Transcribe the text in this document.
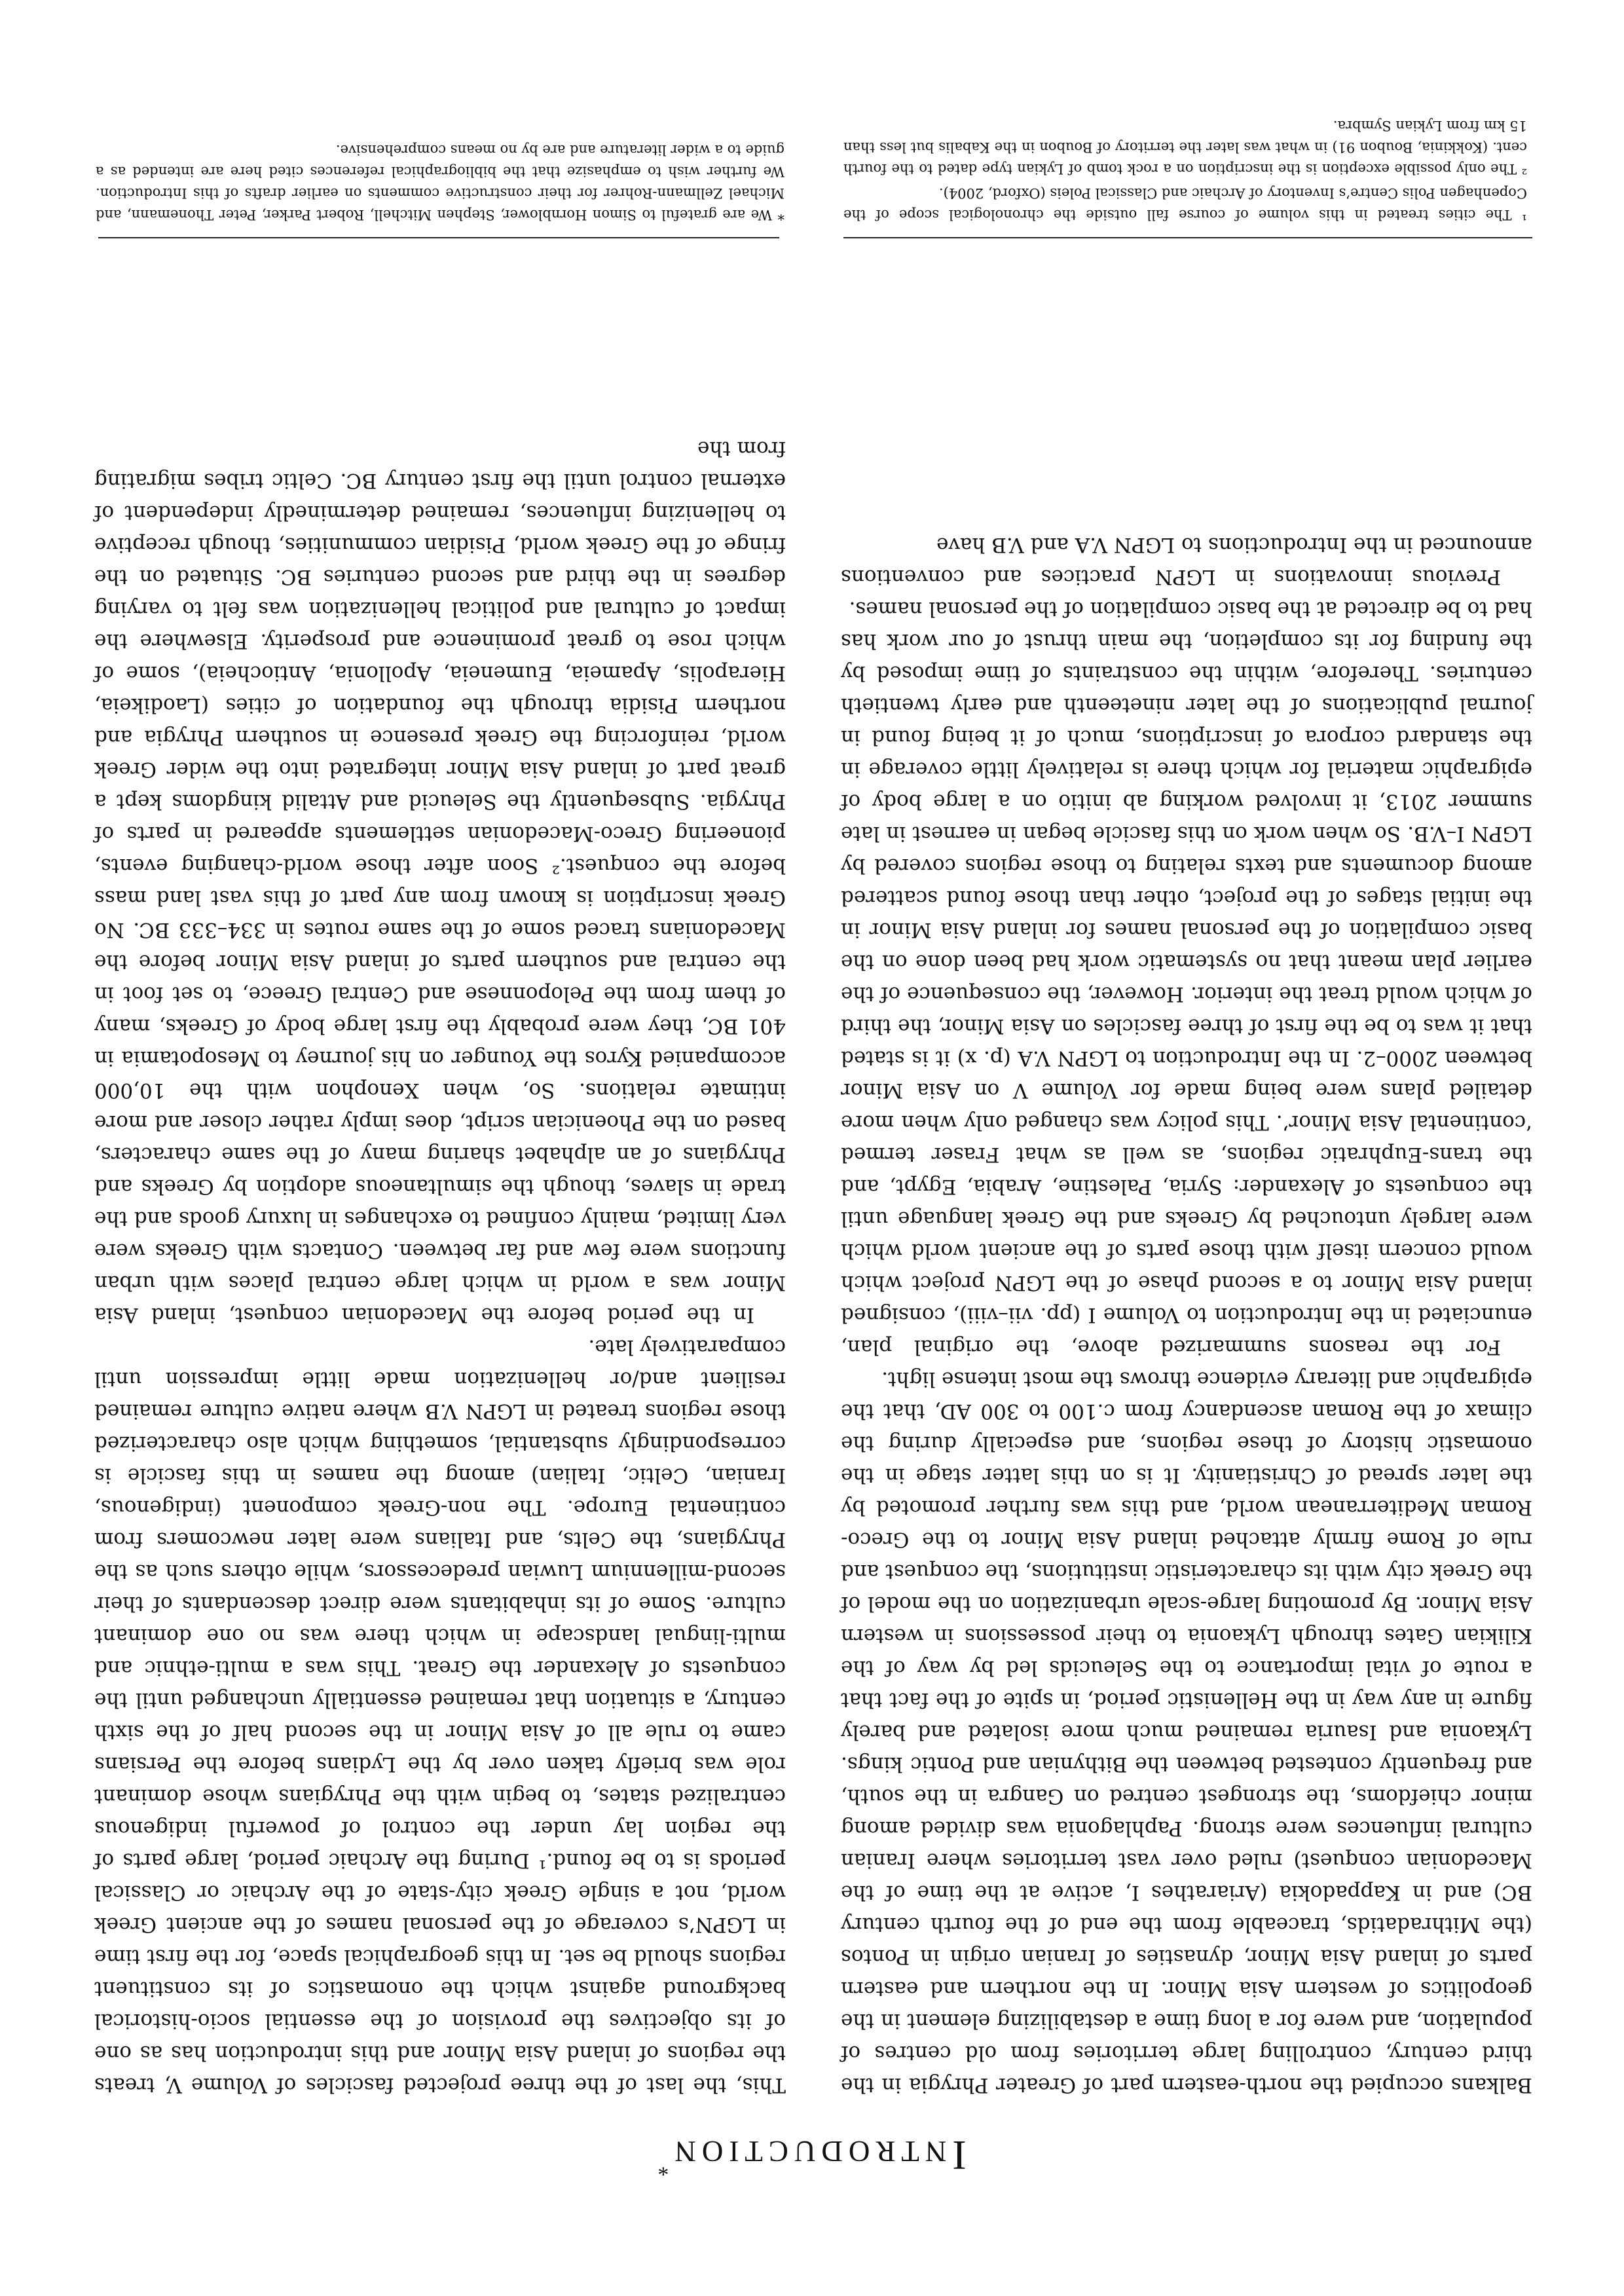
Introduction*

This, the last of the three projected fascicles of Volume V, treats the regions of inland Asia Minor and this introduction has as one of its objectives the provision of the essential socio-historical background against which the onomastics of its constituent regions should be set. In this geographical space, for the first time in LGPN’s coverage of the personal names of the ancient Greek world, not a single Greek city-state of the Archaic or Classical periods is to be found.¹ During the Archaic period, large parts of the region lay under the control of powerful indigenous centralized states, to begin with the Phrygians whose dominant role was briefly taken over by the Lydians before the Persians came to rule all of Asia Minor in the second half of the sixth century, a situation that remained essentially unchanged until the conquests of Alexander the Great. This was a multi-ethnic and multi-lingual landscape in which there was no one dominant culture. Some of its inhabitants were direct descendants of their second-millennium Luwian predecessors, while others such as the Phrygians, the Celts, and Italians were later newcomers from continental Europe. The non-Greek component (indigenous, Iranian, Celtic, Italian) among the names in this fascicle is correspondingly substantial, something which also characterized those regions treated in LGPN V.B where native culture remained resilient and/or hellenization made little impression until comparatively late.

In the period before the Macedonian conquest, inland Asia Minor was a world in which large central places with urban functions were few and far between. Contacts with Greeks were very limited, mainly confined to exchanges in luxury goods and the trade in slaves, though the simultaneous adoption by Greeks and Phrygians of an alphabet sharing many of the same characters, based on the Phoenician script, does imply rather closer and more intimate relations. So, when Xenophon with the 10,000 accompanied Kyros the Younger on his journey to Mesopotamia in 401 BC, they were probably the first large body of Greeks, many of them from the Peloponnese and Central Greece, to set foot in the central and southern parts of inland Asia Minor before the Macedonians traced some of the same routes in 334–333 BC. No Greek inscription is known from any part of this vast land mass before the conquest.² Soon after those world-changing events, pioneering Greco-Macedonian settlements appeared in parts of Phrygia. Subsequently the Seleucid and Attalid kingdoms kept a great part of inland Asia Minor integrated into the wider Greek world, reinforcing the Greek presence in southern Phrygia and northern Pisidia through the foundation of cities (Laodikeia, Hierapolis, Apameia, Eumeneia, Apollonia, Antiocheia), some of which rose to great prominence and prosperity. Elsewhere the impact of cultural and political hellenization was felt to varying degrees in the third and second centuries BC. Situated on the fringe of the Greek world, Pisidian communities, though receptive to hellenizing influences, remained determinedly independent of external control until the first century BC. Celtic tribes migrating from the

Balkans occupied the north-eastern part of Greater Phrygia in the third century, controlling large territories from old centres of population, and were for a long time a destabilizing element in the geopolitics of western Asia Minor. In the northern and eastern parts of inland Asia Minor, dynasties of Iranian origin in Pontos (the Mithradatids, traceable from the end of the fourth century BC) and in Kappadokia (Ariarathes I, active at the time of the Macedonian conquest) ruled over vast territories where Iranian cultural influences were strong. Paphlagonia was divided among minor chiefdoms, the strongest centred on Gangra in the south, and frequently contested between the Bithynian and Pontic kings. Lykaonia and Isauria remained much more isolated and barely figure in any way in the Hellenistic period, in spite of the fact that a route of vital importance to the Seleucids led by way of the Kilikian Gates through Lykaonia to their possessions in western Asia Minor. By promoting large-scale urbanization on the model of the Greek city with its characteristic institutions, the conquest and rule of Rome firmly attached inland Asia Minor to the Greco-Roman Mediterranean world, and this was further promoted by the later spread of Christianity. It is on this latter stage in the onomastic history of these regions, and especially during the climax of the Roman ascendancy from c.100 to 300 AD, that the epigraphic and literary evidence throws the most intense light.

For the reasons summarized above, the original plan, enunciated in the Introduction to Volume I (pp. vii–viii), consigned inland Asia Minor to a second phase of the LGPN project which would concern itself with those parts of the ancient world which were largely untouched by Greeks and the Greek language until the conquests of Alexander: Syria, Palestine, Arabia, Egypt, and the trans-Euphratic regions, as well as what Fraser termed ‘continental Asia Minor’. This policy was changed only when more detailed plans were being made for Volume V on Asia Minor between 2000–2. In the Introduction to LGPN V.A (p. x) it is stated that it was to be the first of three fascicles on Asia Minor, the third of which would treat the interior. However, the consequence of the earlier plan meant that no systematic work had been done on the basic compilation of the personal names for inland Asia Minor in the initial stages of the project, other than those found scattered among documents and texts relating to those regions covered by LGPN I–V.B. So when work on this fascicle began in earnest in late summer 2013, it involved working ab initio on a large body of epigraphic material for which there is relatively little coverage in the standard corpora of inscriptions, much of it being found in journal publications of the later nineteenth and early twentieth centuries. Therefore, within the constraints of time imposed by the funding for its completion, the main thrust of our work has had to be directed at the basic compilation of the personal names.

Previous innovations in LGPN practices and conventions announced in the Introductions to LGPN V.A and V.B have

* We are grateful to Simon Hornblower, Stephen Mitchell, Robert Parker, Peter Thonemann, and Michael Zellmann-Rohrer for their constructive comments on earlier drafts of this Introduction. We further wish to emphasize that the bibliographical references cited here are intended as a guide to a wider literature and are by no means comprehensive.

¹ The cities treated in this volume of course fall outside the chronological scope of the Copenhagen Polis Centre’s Inventory of Archaic and Classical Poleis (Oxford, 2004).

² The only possible exception is the inscription on a rock tomb of Lykian type dated to the fourth cent. (Kokkinia, Boubon 91) in what was later the territory of Boubon in the Kabalis but less than 15 km from Lykian Symbra.
